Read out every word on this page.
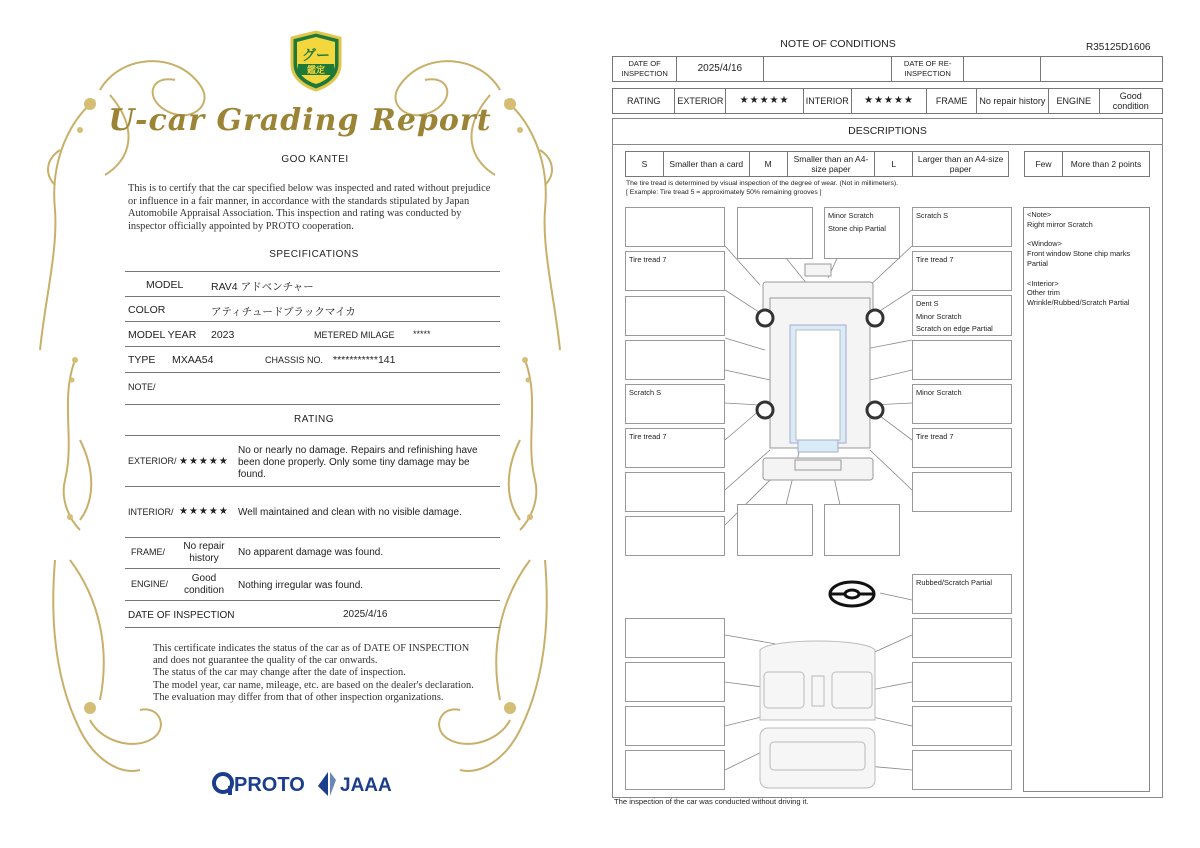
グー
鑑定
U-car Grading Report
GOO KANTEI
This is to certify that the car specified below was inspected and rated without prejudice or influence in a fair manner, in accordance with the standards stipulated by Japan Automobile Appraisal Association. This inspection and rating was conducted by inspector officially appointed by PROTO cooperation.
SPECIFICATIONS
MODEL	RAV4 アドベンチャー
COLOR	アティチュードブラックマイカ
MODEL YEAR 2023	METERED MILAGE *****
TYPE MXAA54	CHASSIS NO. ***********141
NOTE/
RATING
EXTERIOR/ ★★★★★
No or nearly no damage. Repairs and refinishing have been done properly. Only some tiny damage may be found.
INTERIOR/ ★★★★★ Well maintained and clean with no visible damage.
FRAME/	No repair history
No apparent damage was found.
ENGINE/	Good condition	Nothing irregular was found.
DATE OF INSPECTION	2025/4/16
This certificate indicates the status of the car as of DATE OF INSPECTION and does not guarantee the quality of the car onwards.
The status of the car may change after the date of inspection.
The model year, car name, mileage, etc. are based on the dealer's declaration.
The evaluation may differ from that of other inspection organizations.
PROTO JAAA
NOTE OF CONDITIONS	R35125D1606
DATE OF INSPECTION	2025/4/16		DATE OF RE-INSPECTION		
RATING	EXTERIOR	★★★★★	INTERIOR	★★★★★	FRAME	No repair history	ENGINE	Good condition
DESCRIPTIONS
S	Smaller than a card	M	Smaller than an A4-size paper	L	Larger than an A4-size paper	Few	More than 2 points
The tire tread is determined by visual inspection of the degree of wear. (Not in millimeters).
[ Example: Tire tread 5 = approximately 50% remaining grooves ]
Tire tread 7
Scratch S
Tire tread 7
Minor Scratch
Stone chip Partial
Scratch S
Tire tread 7
Dent S
Minor Scratch
Scratch on edge Partial
Minor Scratch
Tire tread 7
Rubbed/Scratch Partial
<Note>
Right mirror Scratch

<Window>
Front window Stone chip marks Partial

<Interior>
Other trim
Wrinkle/Rubbed/Scratch Partial
The inspection of the car was conducted without driving it.
